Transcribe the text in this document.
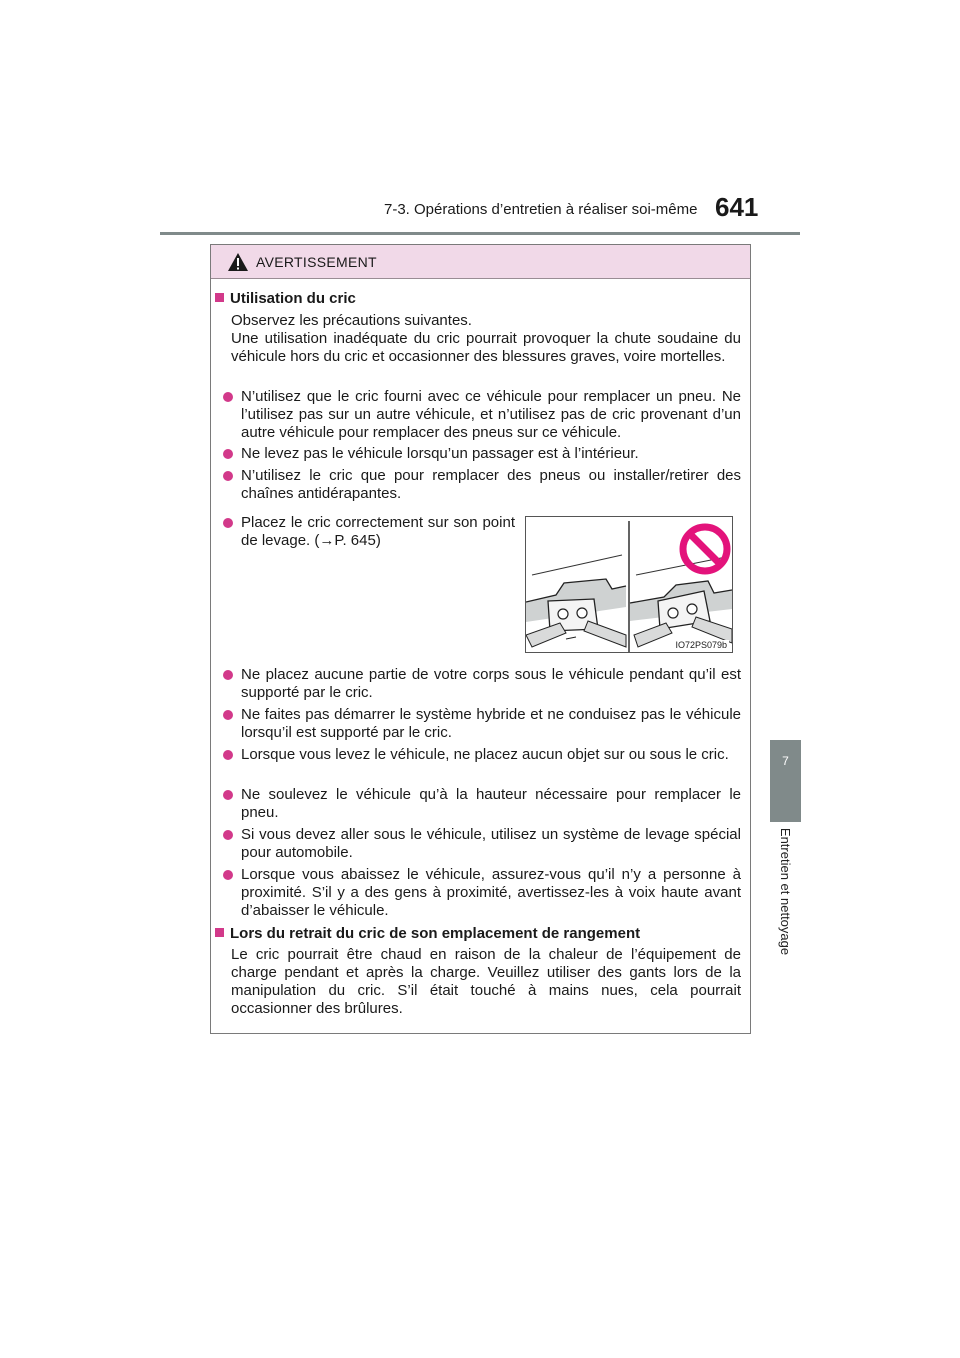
7-3. Opérations d’entretien à réaliser soi-même 641
7
Entretien et nettoyage
AVERTISSEMENT
Utilisation du cric
Observez les précautions suivantes.
Une utilisation inadéquate du cric pourrait provoquer la chute soudaine du véhicule hors du cric et occasionner des blessures graves, voire mortelles.
N’utilisez que le cric fourni avec ce véhicule pour remplacer un pneu. Ne l’utilisez pas sur un autre véhicule, et n’utilisez pas de cric provenant d’un autre véhicule pour remplacer des pneus sur ce véhicule.
Ne levez pas le véhicule lorsqu’un passager est à l’intérieur.
N’utilisez le cric que pour remplacer des pneus ou installer/retirer des chaînes antidérapantes.
Placez le cric correctement sur son point de levage. (→P. 645)
IO72PS079b
Ne placez aucune partie de votre corps sous le véhicule pendant qu’il est supporté par le cric.
Ne faites pas démarrer le système hybride et ne conduisez pas le véhicule lorsqu’il est supporté par le cric.
Lorsque vous levez le véhicule, ne placez aucun objet sur ou sous le cric.
Ne soulevez le véhicule qu’à la hauteur nécessaire pour remplacer le pneu.
Si vous devez aller sous le véhicule, utilisez un système de levage spécial pour automobile.
Lorsque vous abaissez le véhicule, assurez-vous qu’il n’y a personne à proximité. S’il y a des gens à proximité, avertissez-les à voix haute avant d’abaisser le véhicule.
Lors du retrait du cric de son emplacement de rangement
Le cric pourrait être chaud en raison de la chaleur de l’équipement de charge pendant et après la charge. Veuillez utiliser des gants lors de la manipulation du cric. S’il était touché à mains nues, cela pourrait occasionner des brûlures.
